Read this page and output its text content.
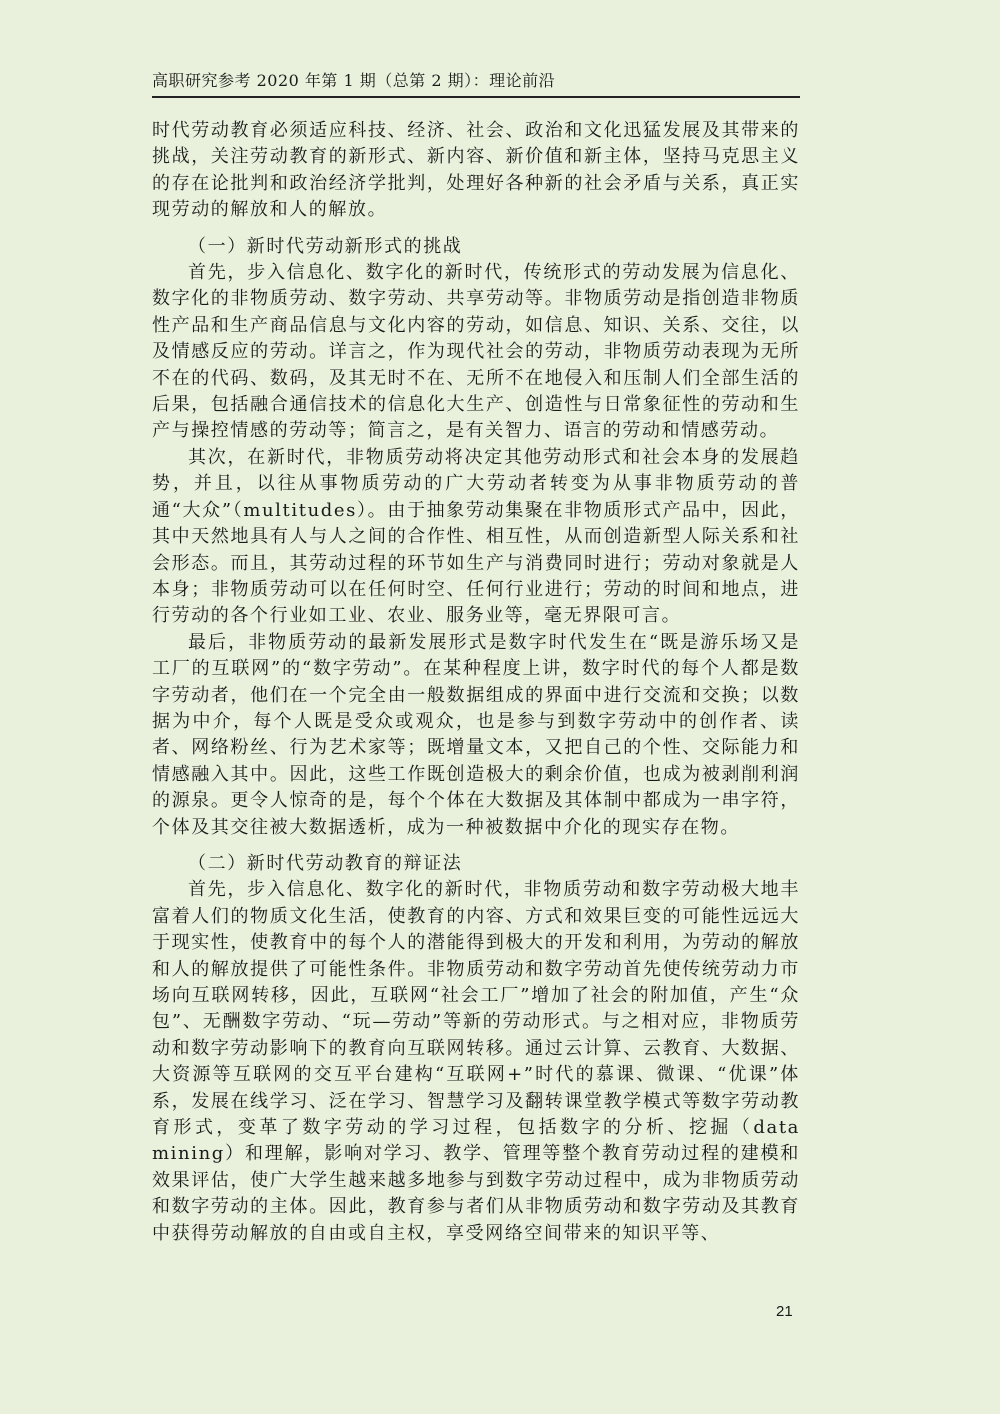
高职研究参考 2020 年第 1 期（总第 2 期）：理论前沿

时代劳动教育必须适应科技、经济、社会、政治和文化迅猛发展及其带来的挑战，关注劳动教育的新形式、新内容、新价值和新主体，坚持马克思主义的存在论批判和政治经济学批判，处理好各种新的社会矛盾与关系，真正实现劳动的解放和人的解放。

（一）新时代劳动新形式的挑战

首先，步入信息化、数字化的新时代，传统形式的劳动发展为信息化、数字化的非物质劳动、数字劳动、共享劳动等。非物质劳动是指创造非物质性产品和生产商品信息与文化内容的劳动，如信息、知识、关系、交往，以及情感反应的劳动。详言之，作为现代社会的劳动，非物质劳动表现为无所不在的代码、数码，及其无时不在、无所不在地侵入和压制人们全部生活的后果，包括融合通信技术的信息化大生产、创造性与日常象征性的劳动和生产与操控情感的劳动等；简言之，是有关智力、语言的劳动和情感劳动。

其次，在新时代，非物质劳动将决定其他劳动形式和社会本身的发展趋势，并且，以往从事物质劳动的广大劳动者转变为从事非物质劳动的普通“大众”（multitudes）。由于抽象劳动集聚在非物质形式产品中，因此，其中天然地具有人与人之间的合作性、相互性，从而创造新型人际关系和社会形态。而且，其劳动过程的环节如生产与消费同时进行；劳动对象就是人本身；非物质劳动可以在任何时空、任何行业进行；劳动的时间和地点，进行劳动的各个行业如工业、农业、服务业等，毫无界限可言。

最后，非物质劳动的最新发展形式是数字时代发生在“既是游乐场又是工厂的互联网”的“数字劳动”。在某种程度上讲，数字时代的每个人都是数字劳动者，他们在一个完全由一般数据组成的界面中进行交流和交换；以数据为中介，每个人既是受众或观众，也是参与到数字劳动中的创作者、读者、网络粉丝、行为艺术家等；既增量文本，又把自己的个性、交际能力和情感融入其中。因此，这些工作既创造极大的剩余价值，也成为被剥削利润的源泉。更令人惊奇的是，每个个体在大数据及其体制中都成为一串字符，个体及其交往被大数据透析，成为一种被数据中介化的现实存在物。

（二）新时代劳动教育的辩证法

首先，步入信息化、数字化的新时代，非物质劳动和数字劳动极大地丰富着人们的物质文化生活，使教育的内容、方式和效果巨变的可能性远远大于现实性，使教育中的每个人的潜能得到极大的开发和利用，为劳动的解放和人的解放提供了可能性条件。非物质劳动和数字劳动首先使传统劳动力市场向互联网转移，因此，互联网“社会工厂”增加了社会的附加值，产生“众包”、无酬数字劳动、“玩—劳动”等新的劳动形式。与之相对应，非物质劳动和数字劳动影响下的教育向互联网转移。通过云计算、云教育、大数据、大资源等互联网的交互平台建构“互联网+”时代的慕课、微课、“优课”体系，发展在线学习、泛在学习、智慧学习及翻转课堂教学模式等数字劳动教育形式，变革了数字劳动的学习过程，包括数字的分析、挖掘（data mining）和理解，影响对学习、教学、管理等整个教育劳动过程的建模和效果评估，使广大学生越来越多地参与到数字劳动过程中，成为非物质劳动和数字劳动的主体。因此，教育参与者们从非物质劳动和数字劳动及其教育中获得劳动解放的自由或自主权，享受网络空间带来的知识平等、

21
